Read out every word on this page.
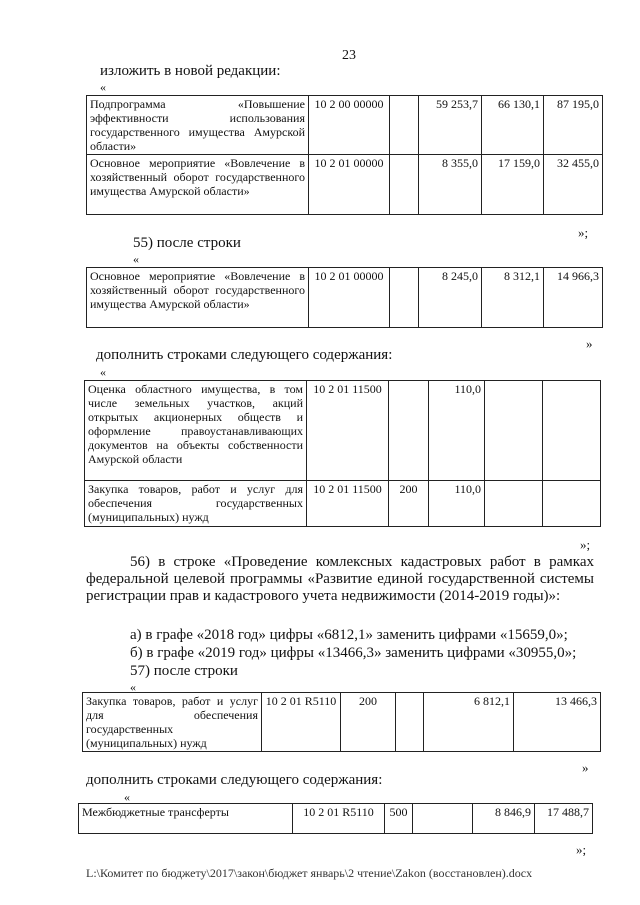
23
изложить в новой редакции:
«
Подпрограмма «Повышение эффективности использования государственного имущества Амурской области»	10 2 00 00000		59 253,7	66 130,1	87 195,0
Основное мероприятие «Вовлечение в хозяйственный оборот государственного имущества Амурской области»	10 2 01 00000		8 355,0	17 159,0	32 455,0
»;
55) после строки
«
Основное мероприятие «Вовлечение в хозяйственный оборот государственного имущества Амурской области»	10 2 01 00000		8 245,0	8 312,1	14 966,3
»
дополнить строками следующего содержания:
«
Оценка областного имущества, в том числе земельных участков, акций открытых акционерных обществ и оформление правоустанавливающих документов на объекты собственности Амурской области	10 2 01 11500		110,0		
Закупка товаров, работ и услуг для обеспечения государственных (муниципальных) нужд	10 2 01 11500	200	110,0		
»;
56) в строке «Проведение комлексных кадастровых работ в рамках федеральной целевой программы «Развитие единой государственной системы регистрации прав и кадастрового учета недвижимости (2014-2019 годы)»:
а) в графе «2018 год» цифры «6812,1» заменить цифрами «15659,0»;
б) в графе «2019 год» цифры «13466,3» заменить цифрами «30955,0»;
57) после строки
«
Закупка товаров, работ и услуг для обеспечения государственных (муниципальных) нужд	10 2 01 R5110	200		6 812,1	13 466,3
»
дополнить строками следующего содержания:
«
Межбюджетные трансферты	10 2 01 R5110	500		8 846,9	17 488,7
»;
L:\Комитет по бюджету\2017\закон\бюджет январь\2 чтение\Zakon (восстановлен).docx
